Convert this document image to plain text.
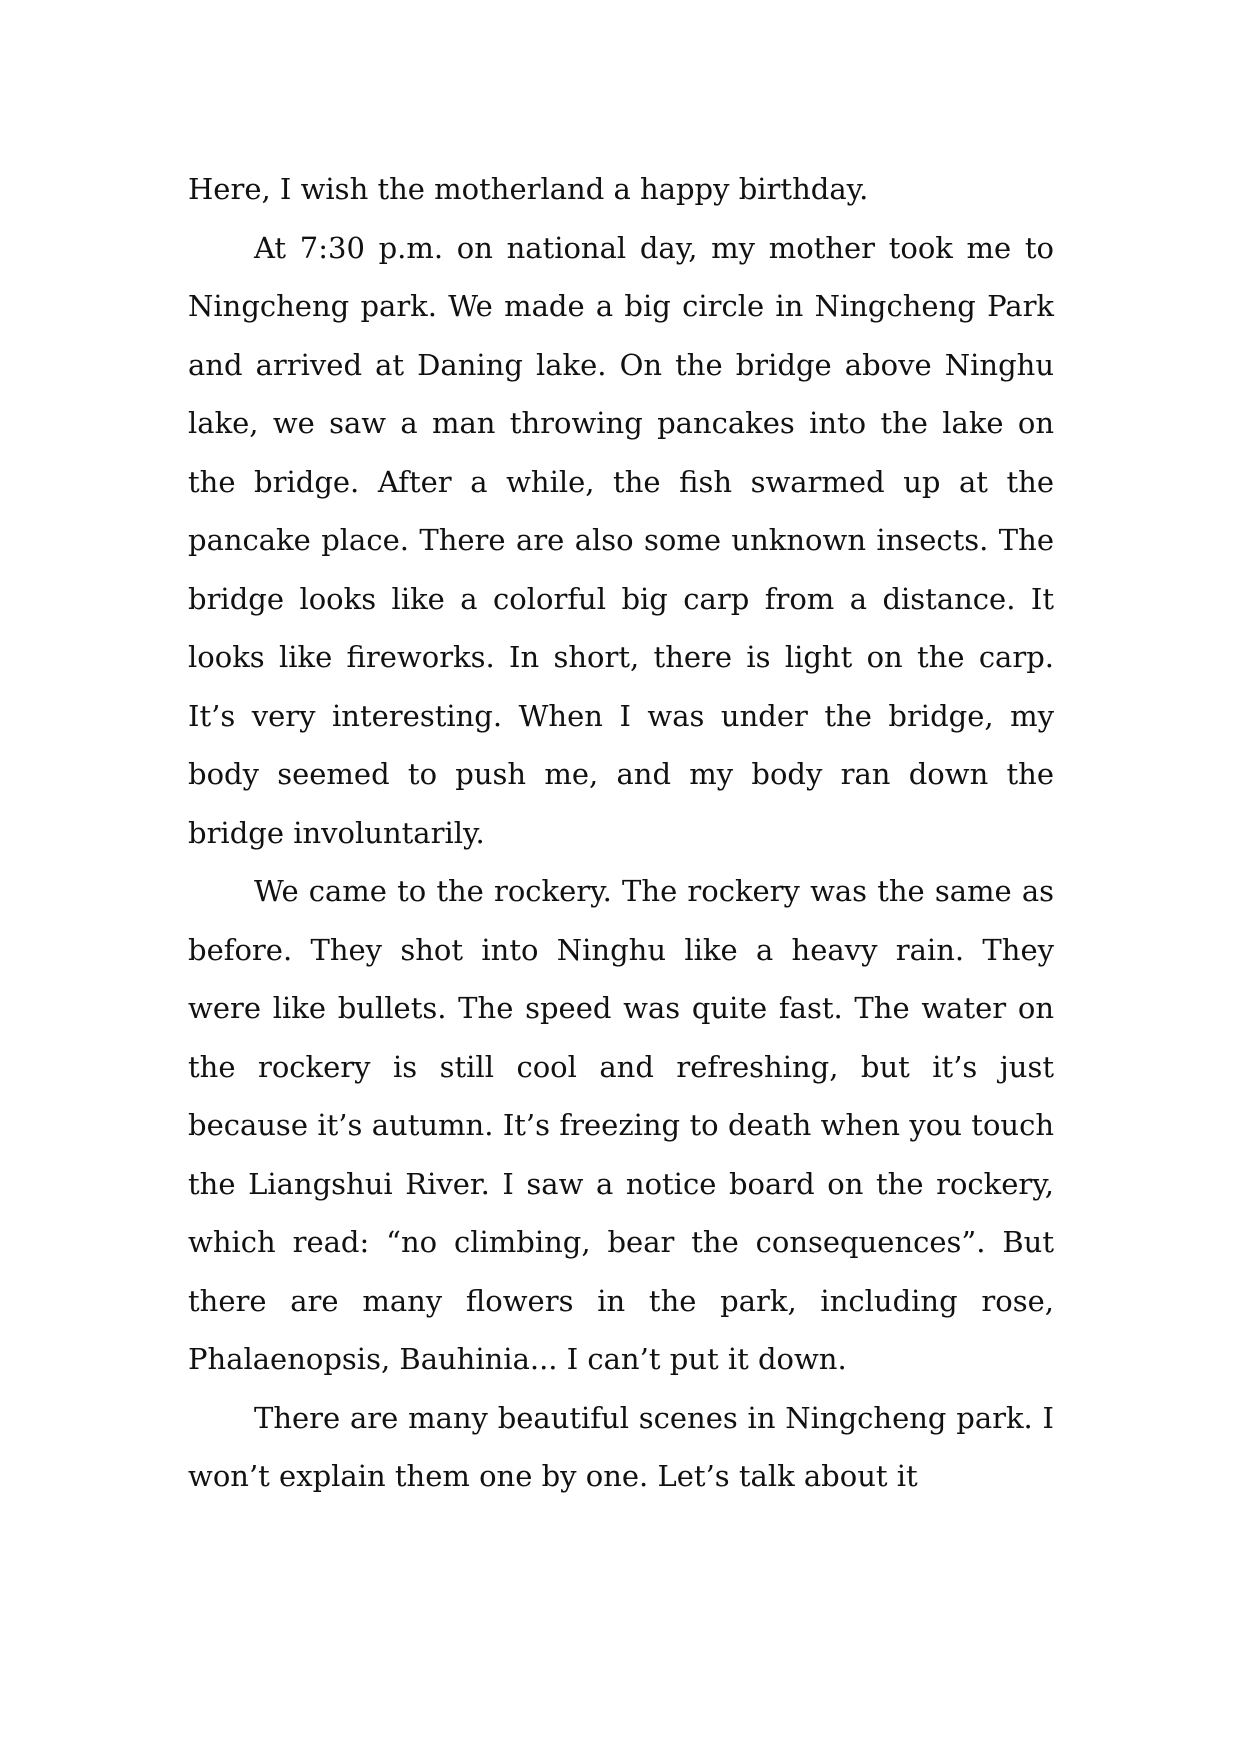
Here, I wish the motherland a happy birthday.

At 7:30 p.m. on national day, my mother took me to Ningcheng park. We made a big circle in Ningcheng Park and arrived at Daning lake. On the bridge above Ninghu lake, we saw a man throwing pancakes into the lake on the bridge. After a while, the fish swarmed up at the pancake place. There are also some unknown insects. The bridge looks like a colorful big carp from a distance. It looks like fireworks. In short, there is light on the carp. It’s very interesting. When I was under the bridge, my body seemed to push me, and my body ran down the bridge involuntarily.

We came to the rockery. The rockery was the same as before. They shot into Ninghu like a heavy rain. They were like bullets. The speed was quite fast. The water on the rockery is still cool and refreshing, but it’s just because it’s autumn. It’s freezing to death when you touch the Liangshui River. I saw a notice board on the rockery, which read: “no climbing, bear the consequences”. But there are many flowers in the park, including rose, Phalaenopsis, Bauhinia... I can’t put it down.

There are many beautiful scenes in Ningcheng park. I won’t explain them one by one. Let’s talk about it
